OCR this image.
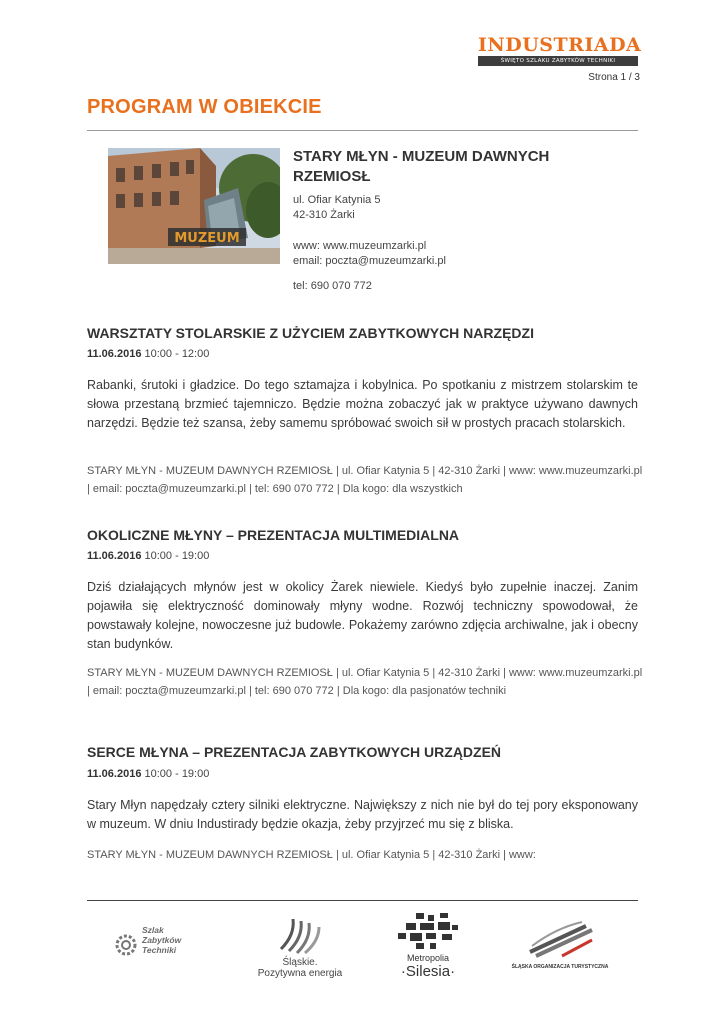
INDUSTRIADA
ŚWIĘTO SZLAKU ZABYTKÓW TECHNIKI
Strona 1 / 3
PROGRAM W OBIEKCIE
MUZEUM
STARY MŁYN - MUZEUM DAWNYCH RZEMIOSŁ
ul. Ofiar Katynia 5
42-310 Żarki
www: www.muzeumzarki.pl
email: poczta@muzeumzarki.pl
tel: 690 070 772
WARSZTATY STOLARSKIE Z UŻYCIEM ZABYTKOWYCH NARZĘDZI
11.06.2016 10:00 - 12:00
Rabanki, śrutoki i gładzice. Do tego sztamajza i kobylnica. Po spotkaniu z mistrzem stolarskim te słowa przestaną brzmieć tajemniczo. Będzie można zobaczyć jak w praktyce używano dawnych narzędzi. Będzie też szansa, żeby samemu spróbować swoich sił w prostych pracach stolarskich.
STARY MŁYN - MUZEUM DAWNYCH RZEMIOSŁ | ul. Ofiar Katynia 5 | 42-310 Żarki | www: www.muzeumzarki.pl | email: poczta@muzeumzarki.pl | tel: 690 070 772 | Dla kogo: dla wszystkich
OKOLICZNE MŁYNY – PREZENTACJA MULTIMEDIALNA
11.06.2016 10:00 - 19:00
Dziś działających młynów jest w okolicy Żarek niewiele. Kiedyś było zupełnie inaczej. Zanim pojawiła się elektryczność dominowały młyny wodne. Rozwój techniczny spowodował, że powstawały kolejne, nowoczesne już budowle. Pokażemy zarówno zdjęcia archiwalne, jak i obecny stan budynków.
STARY MŁYN - MUZEUM DAWNYCH RZEMIOSŁ | ul. Ofiar Katynia 5 | 42-310 Żarki | www: www.muzeumzarki.pl | email: poczta@muzeumzarki.pl | tel: 690 070 772 | Dla kogo: dla pasjonatów techniki
SERCE MŁYNA – PREZENTACJA ZABYTKOWYCH URZĄDZEŃ
11.06.2016 10:00 - 19:00
Stary Młyn napędzały cztery silniki elektryczne. Największy z nich nie był do tej pory eksponowany w muzeum. W dniu Industirady będzie okazja, żeby przyjrzeć mu się z bliska.
STARY MŁYN - MUZEUM DAWNYCH RZEMIOSŁ | ul. Ofiar Katynia 5 | 42-310 Żarki | www:
Szlak
Zabytków
Techniki
Śląskie.
Pozytywna energia
Metropolia
·Silesia·	ŚLĄSKA ORGANIZACJA TURYSTYCZNA
